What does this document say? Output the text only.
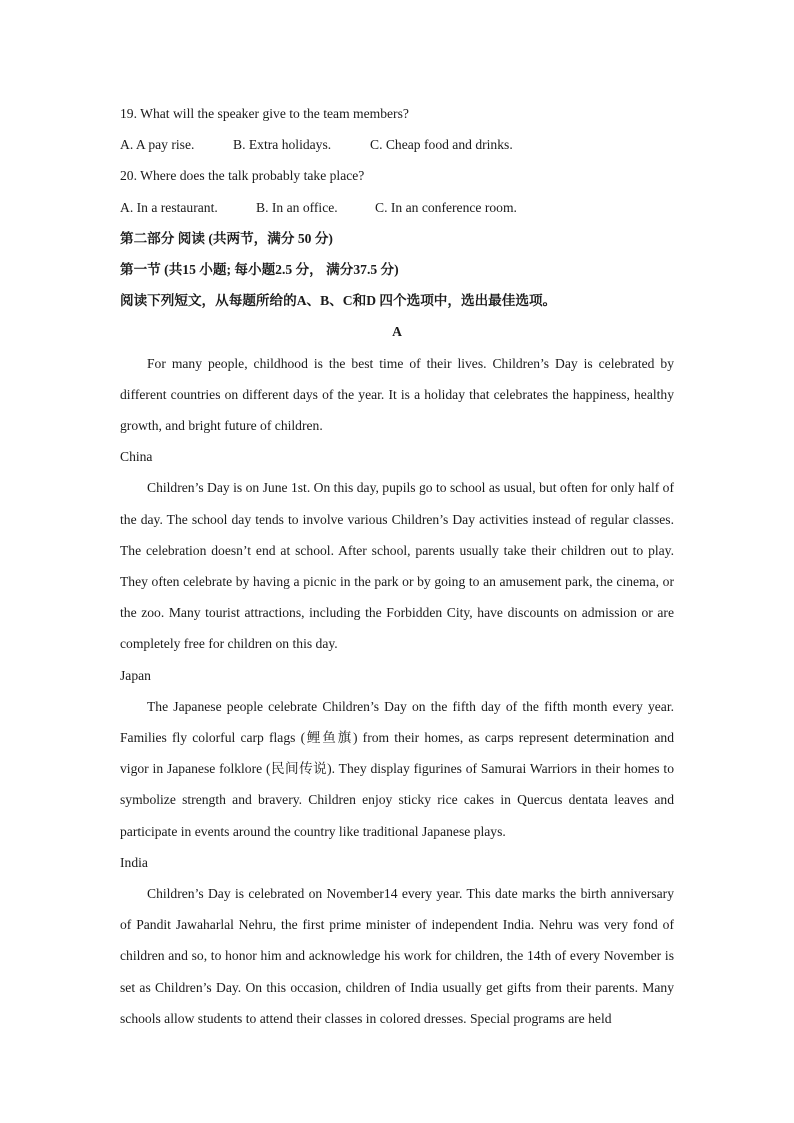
19. What will the speaker give to the team members?

A. A pay rise.	B. Extra holidays.	C. Cheap food and drinks.

20. Where does the talk probably take place?

A. In a restaurant.	B. In an office.	C. In an conference room.

第二部分 阅读 (共两节，满分 50 分)

第一节 (共15 小题; 每小题2.5 分， 满分37.5 分)

阅读下列短文，从每题所给的A、B、C和D 四个选项中，选出最佳选项。

A

For many people, childhood is the best time of their lives. Children’s Day is celebrated by different countries on different days of the year. It is a holiday that celebrates the happiness, healthy growth, and bright future of children.

China

Children’s Day is on June 1st. On this day, pupils go to school as usual, but often for only half of the day. The school day tends to involve various Children’s Day activities instead of regular classes. The celebration doesn’t end at school. After school, parents usually take their children out to play. They often celebrate by having a picnic in the park or by going to an amusement park, the cinema, or the zoo. Many tourist attractions, including the Forbidden City, have discounts on admission or are completely free for children on this day.

Japan

The Japanese people celebrate Children’s Day on the fifth day of the fifth month every year. Families fly colorful carp flags (鲤鱼旗) from their homes, as carps represent determination and vigor in Japanese folklore (民间传说). They display figurines of Samurai Warriors in their homes to symbolize strength and bravery. Children enjoy sticky rice cakes in Quercus dentata leaves and participate in events around the country like traditional Japanese plays.

India

Children’s Day is celebrated on November14 every year. This date marks the birth anniversary of Pandit Jawaharlal Nehru, the first prime minister of independent India. Nehru was very fond of children and so, to honor him and acknowledge his work for children, the 14th of every November is set as Children’s Day. On this occasion, children of India usually get gifts from their parents. Many schools allow students to attend their classes in colored dresses. Special programs are held
